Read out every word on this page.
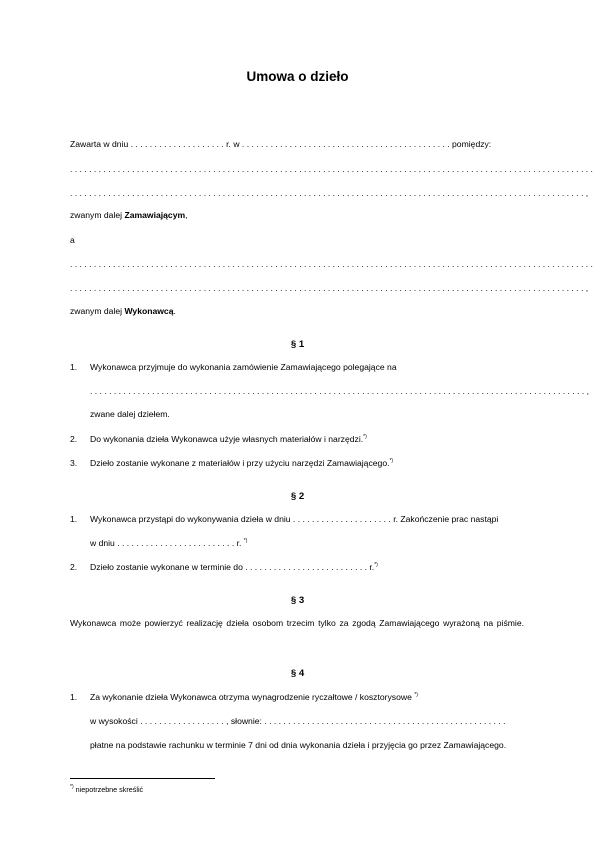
Umowa o dzieło
Zawarta w dniu . . . . . . . . . . . . . . . . . . . . r. w . . . . . . . . . . . . . . . . . . . . . . . . . . . . . . . . . . . . . . . . . . . . pomiędzy:
. . . . . . . . . . . . . . . . . . . . . . . . . . . . . . . . . . . . . . . . . . . . . . . . . . . . . . . . . . . . . . . . . . . . . . . . . . . . . . . . . . . . . . . . . . . . . . . . . . . . . . . . . . . . . .
. . . . . . . . . . . . . . . . . . . . . . . . . . . . . . . . . . . . . . . . . . . . . . . . . . . . . . . . . . . . . . . . . . . . . . . . . . . . . . . . . . . . . . . . . . . . . . . . . . . . . . . . . . . . ,
zwanym dalej Zamawiającym,
a
. . . . . . . . . . . . . . . . . . . . . . . . . . . . . . . . . . . . . . . . . . . . . . . . . . . . . . . . . . . . . . . . . . . . . . . . . . . . . . . . . . . . . . . . . . . . . . . . . . . . . . . . . . . . . .
. . . . . . . . . . . . . . . . . . . . . . . . . . . . . . . . . . . . . . . . . . . . . . . . . . . . . . . . . . . . . . . . . . . . . . . . . . . . . . . . . . . . . . . . . . . . . . . . . . . . . . . . . . . . ,
zwanym dalej Wykonawcą.
§ 1
1. Wykonawca przyjmuje do wykonania zamówienie Zamawiającego polegające na
. . . . . . . . . . . . . . . . . . . . . . . . . . . . . . . . . . . . . . . . . . . . . . . . . . . . . . . . . . . . . . . . . . . . . . . . . . . . . . . . . . . . . . . . . . . . . . . . . . . . . . . . ,
zwane dalej dziełem.
2. Do wykonania dzieła Wykonawca użyje własnych materiałów i narzędzi.*)
3. Dzieło zostanie wykonane z materiałów i przy użyciu narzędzi Zamawiającego.*)
§ 2
1. Wykonawca przystąpi do wykonywania dzieła w dniu . . . . . . . . . . . . . . . . . . . . . r. Zakończenie prac nastąpi
w dniu . . . . . . . . . . . . . . . . . . . . . . . . . r. *)
2. Dzieło zostanie wykonane w terminie do . . . . . . . . . . . . . . . . . . . . . . . . . . r.*)
§ 3
Wykonawca może powierzyć realizację dzieła osobom trzecim tylko za zgodą Zamawiającego wyrażoną na piśmie.
§ 4
1. Za wykonanie dzieła Wykonawca otrzyma wynagrodzenie ryczałtowe / kosztorysowe *)
w wysokości . . . . . . . . . . . . . . . . . . , słownie: . . . . . . . . . . . . . . . . . . . . . . . . . . . . . . . . . . . . . . . . . . . . . . . . . . .
płatne na podstawie rachunku w terminie 7 dni od dnia wykonania dzieła i przyjęcia go przez Zamawiającego.
*) niepotrzebne skreślić
